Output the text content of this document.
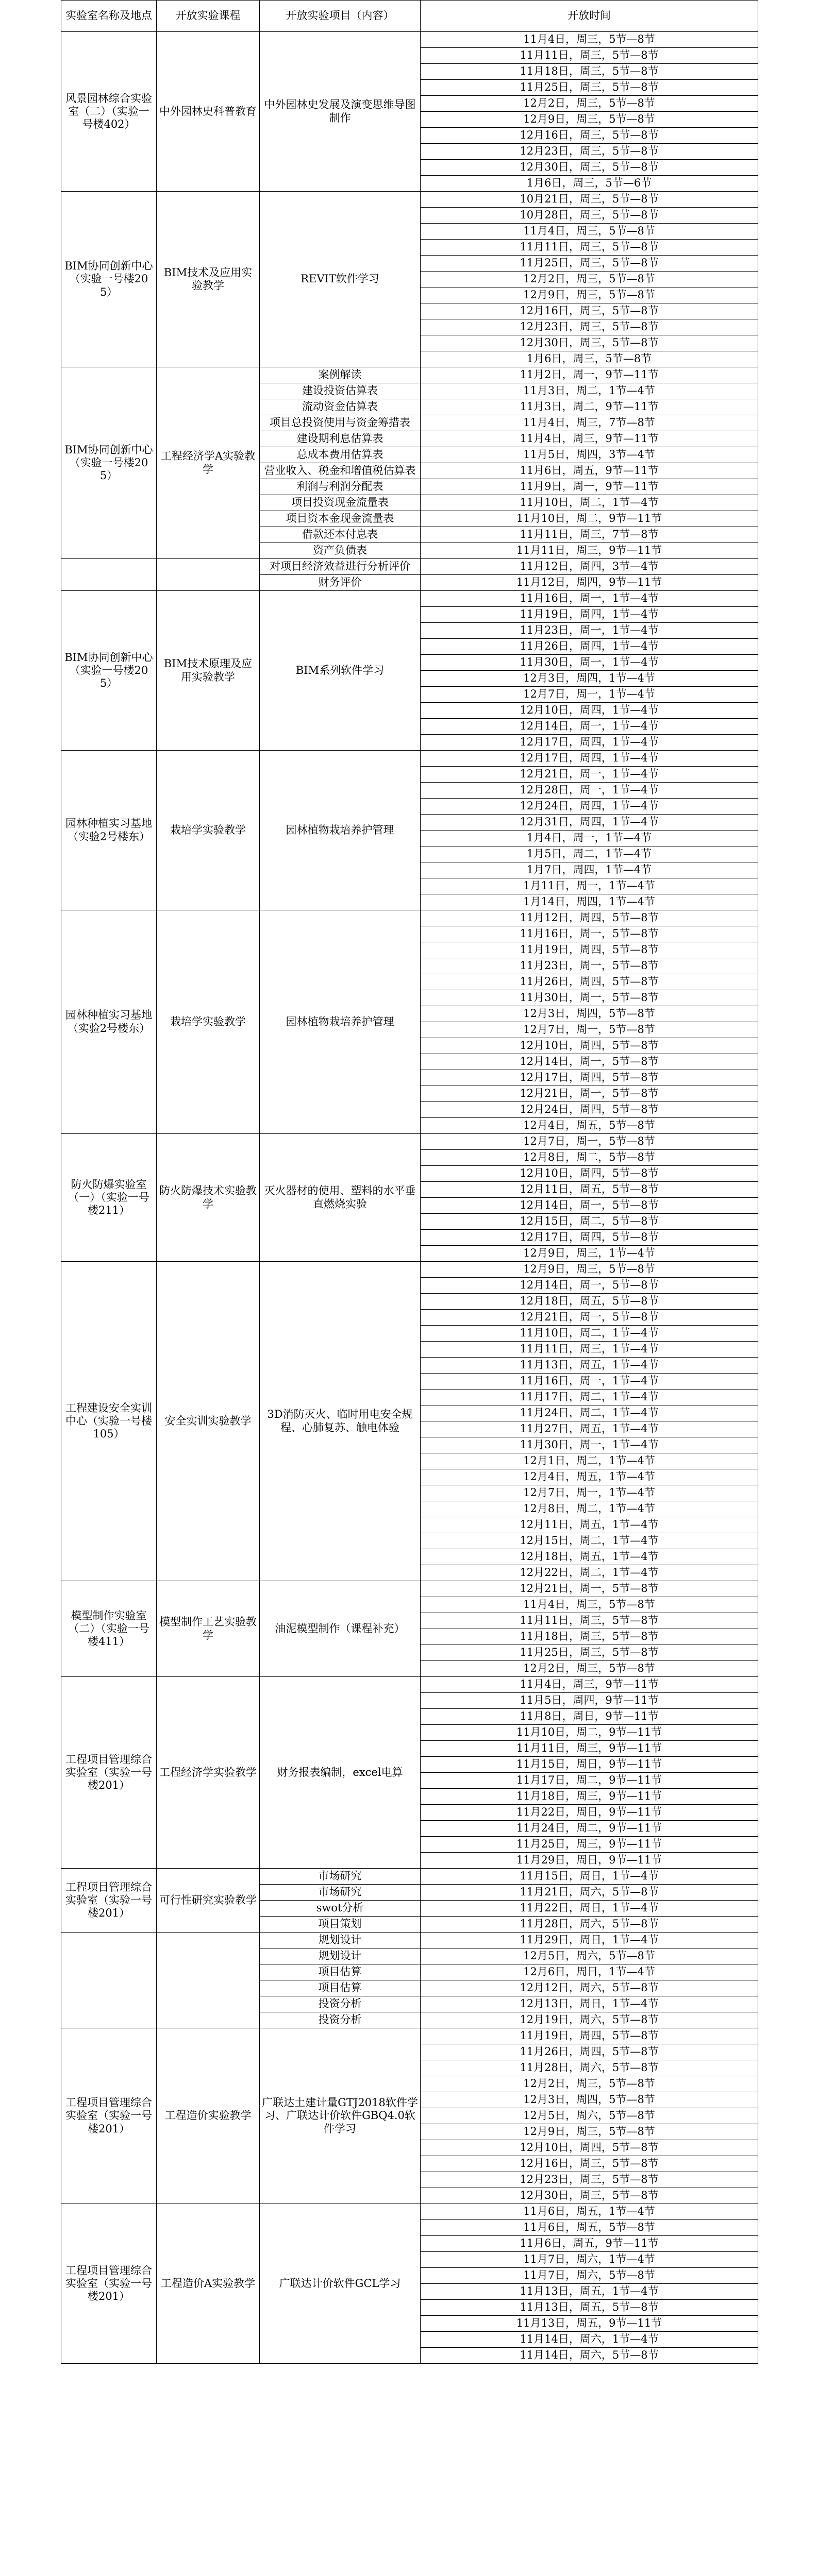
实验室名称及地点	开放实验课程	开放实验项目（内容）	开放时间
风景园林综合实验室（二）（实验一号楼402）	中外园林史科普教育	中外园林史发展及演变思维导图制作	11月4日，周三，5节—8节
			11月11日，周三，5节—8节
			11月18日，周三，5节—8节
			11月25日，周三，5节—8节
			12月2日，周三，5节—8节
			12月9日，周三，5节—8节
			12月16日，周三，5节—8节
			12月23日，周三，5节—8节
			12月30日，周三，5节—8节
			1月6日，周三，5节—6节
BIM协同创新中心（实验一号楼205）	BIM技术及应用实验教学	REVIT软件学习	10月21日，周三，5节—8节
			10月28日，周三，5节—8节
			11月4日，周三，5节—8节
			11月11日，周三，5节—8节
			11月25日，周三，5节—8节
			12月2日，周三，5节—8节
			12月9日，周三，5节—8节
			12月16日，周三，5节—8节
			12月23日，周三，5节—8节
			12月30日，周三，5节—8节
			1月6日，周三，5节—8节
BIM协同创新中心（实验一号楼205）	工程经济学A实验教学	案例解读	11月2日，周一，9节—11节
		建设投资估算表	11月3日，周二，1节—4节
		流动资金估算表	11月3日，周二，9节—11节
		项目总投资使用与资金筹措表	11月4日，周三，7节—8节
		建设期利息估算表	11月4日，周三，9节—11节
		总成本费用估算表	11月5日，周四，3节—4节
		营业收入、税金和增值税估算表	11月6日，周五，9节—11节
		利润与利润分配表	11月9日，周一，9节—11节
		项目投资现金流量表	11月10日，周二，1节—4节
		项目资本金现金流量表	11月10日，周二，9节—11节
		借款还本付息表	11月11日，周三，7节—8节
		资产负债表	11月11日，周三，9节—11节
		对项目经济效益进行分析评价	11月12日，周四，3节—4节
		财务评价	11月12日，周四，9节—11节
BIM协同创新中心（实验一号楼205）	BIM技术原理及应用实验教学	BIM系列软件学习	11月16日，周一，1节—4节
			11月19日，周四，1节—4节
			11月23日，周一，1节—4节
			11月26日，周四，1节—4节
			11月30日，周一，1节—4节
			12月3日，周四，1节—4节
			12月7日，周一，1节—4节
			12月10日，周四，1节—4节
			12月14日，周一，1节—4节
			12月17日，周四，1节—4节
园林种植实习基地（实验2号楼东）	栽培学实验教学	园林植物栽培养护管理	12月17日，周四，1节—4节
			12月21日，周一，1节—4节
			12月28日，周一，1节—4节
			12月24日，周四，1节—4节
			12月31日，周四，1节—4节
			1月4日，周一，1节—4节
			1月5日，周二，1节—4节
			1月7日，周四，1节—4节
			1月11日，周一，1节—4节
			1月14日，周四，1节—4节
园林种植实习基地（实验2号楼东）	栽培学实验教学	园林植物栽培养护管理	11月12日，周四，5节—8节
			11月16日，周一，5节—8节
			11月19日，周四，5节—8节
			11月23日，周一，5节—8节
			11月26日，周四，5节—8节
			11月30日，周一，5节—8节
			12月3日，周四，5节—8节
			12月7日，周一，5节—8节
			12月10日，周四，5节—8节
			12月14日，周一，5节—8节
			12月17日，周四，5节—8节
			12月21日，周一，5节—8节
			12月24日，周四，5节—8节
			12月4日，周五，5节—8节
防火防爆实验室（一）（实验一号楼211）	防火防爆技术实验教学	灭火器材的使用、塑料的水平垂直燃烧实验	12月7日，周一，5节—8节
			12月8日，周二，5节—8节
			12月10日，周四，5节—8节
			12月11日，周五，5节—8节
			12月14日，周一，5节—8节
			12月15日，周二，5节—8节
			12月17日，周四，5节—8节
			12月9日，周三，1节—4节
工程建设安全实训中心（实验一号楼105）	安全实训实验教学	3D消防灭火、临时用电安全规程、心肺复苏、触电体验	12月9日，周三，5节—8节
			12月14日，周一，5节—8节
			12月18日，周五，5节—8节
			12月21日，周一，5节—8节
			11月10日，周二，1节—4节
			11月11日，周三，1节—4节
			11月13日，周五，1节—4节
			11月16日，周一，1节—4节
			11月17日，周二，1节—4节
			11月24日，周二，1节—4节
			11月27日，周五，1节—4节
			11月30日，周一，1节—4节
			12月1日，周二，1节—4节
			12月4日，周五，1节—4节
			12月7日，周一，1节—4节
			12月8日，周二，1节—4节
			12月11日，周五，1节—4节
			12月15日，周二，1节—4节
			12月18日，周五，1节—4节
			12月22日，周二，1节—4节
模型制作实验室（二）（实验一号楼411）	模型制作工艺实验教学	油泥模型制作（课程补充）	12月21日，周一，5节—8节
			11月4日，周三，5节—8节
			11月11日，周三，5节—8节
			11月18日，周三，5节—8节
			11月25日，周三，5节—8节
			12月2日，周三，5节—8节
工程项目管理综合实验室（实验一号楼201）	工程经济学实验教学	财务报表编制，excel电算	11月4日，周三，9节—11节
			11月5日，周四，9节—11节
			11月8日，周日，9节—11节
			11月10日，周二，9节—11节
			11月11日，周三，9节—11节
			11月15日，周日，9节—11节
			11月17日，周二，9节—11节
			11月18日，周三，9节—11节
			11月22日，周日，9节—11节
			11月24日，周二，9节—11节
			11月25日，周三，9节—11节
			11月29日，周日，9节—11节
工程项目管理综合实验室（实验一号楼201）	可行性研究实验教学	市场研究	11月15日，周日，1节—4节
		市场研究	11月21日，周六，5节—8节
		swot分析	11月22日，周日，1节—4节
		项目策划	11月28日，周六，5节—8节
		规划设计	11月29日，周日，1节—4节
		规划设计	12月5日，周六，5节—8节
		项目估算	12月6日，周日，1节—4节
		项目估算	12月12日，周六，5节—8节
		投资分析	12月13日，周日，1节—4节
		投资分析	12月19日，周六，5节—8节
工程项目管理综合实验室（实验一号楼201）	工程造价实验教学	广联达土建计量GTJ2018软件学习、广联达计价软件GBQ4.0软件学习	11月19日，周四，5节—8节
			11月26日，周四，5节—8节
			11月28日，周六，5节—8节
			12月2日，周三，5节—8节
			12月3日，周四，5节—8节
			12月5日，周六，5节—8节
			12月9日，周三，5节—8节
			12月10日，周四，5节—8节
			12月16日，周三，5节—8节
			12月23日，周三，5节—8节
			12月30日，周三，5节—8节
工程项目管理综合实验室（实验一号楼201）	工程造价A实验教学	广联达计价软件GCL学习	11月6日，周五，1节—4节
			11月6日，周五，5节—8节
			11月6日，周五，9节—11节
			11月7日，周六，1节—4节
			11月7日，周六，5节—8节
			11月13日，周五，1节—4节
			11月13日，周五，5节—8节
			11月13日，周五，9节—11节
			11月14日，周六，1节—4节
			11月14日，周六，5节—8节
